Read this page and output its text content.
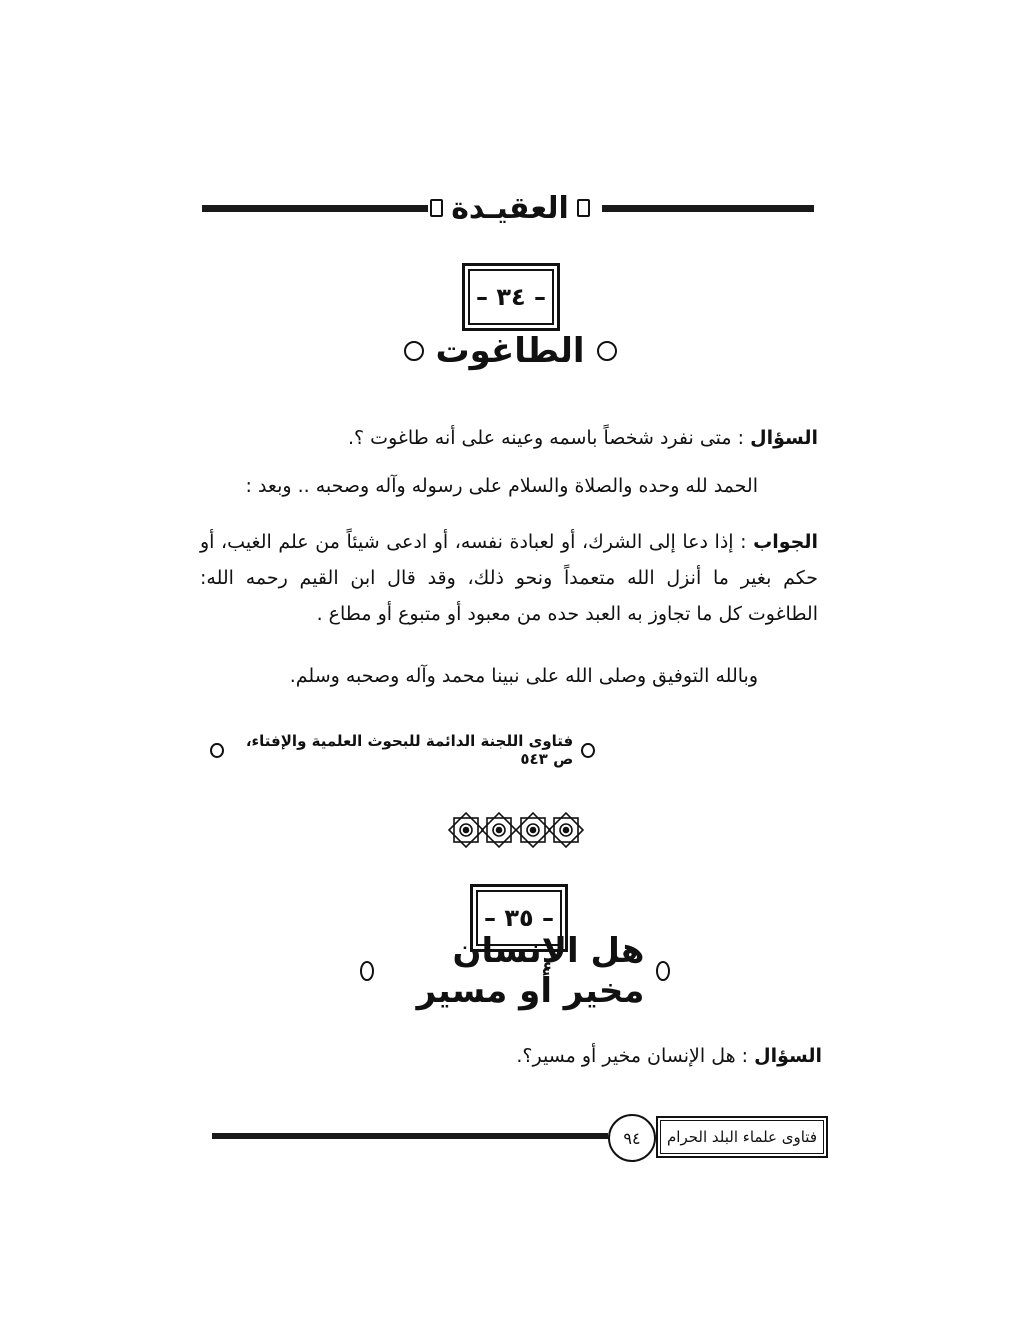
العقيـدة
– ٣٤ –
الطاغوت
السؤال : متى نفرد شخصاً باسمه وعينه على أنه طاغوت ؟.
الحمد لله وحده والصلاة والسلام على رسوله وآله وصحبه .. وبعد :
الجواب : إذا دعا إلى الشرك، أو لعبادة نفسه، أو ادعى شيئاً من علم الغيب، أو حكم بغير ما أنزل الله متعمداً ونحو ذلك، وقد قال ابن القيم رحمه الله: الطاغوت كل ما تجاوز به العبد حده من معبود أو متبوع أو مطاع .
وبالله التوفيق وصلى الله على نبينا محمد وآله وصحبه وسلم.
فتاوى اللجنة الدائمة للبحوث العلمية والإفتاء، ص ٥٤٣
– ٣٥ –
هل الإنسان مخير أو مسير
السؤال : هل الإنسان مخير أو مسير؟.
٩٤	فتاوى علماء البلد الحرام
